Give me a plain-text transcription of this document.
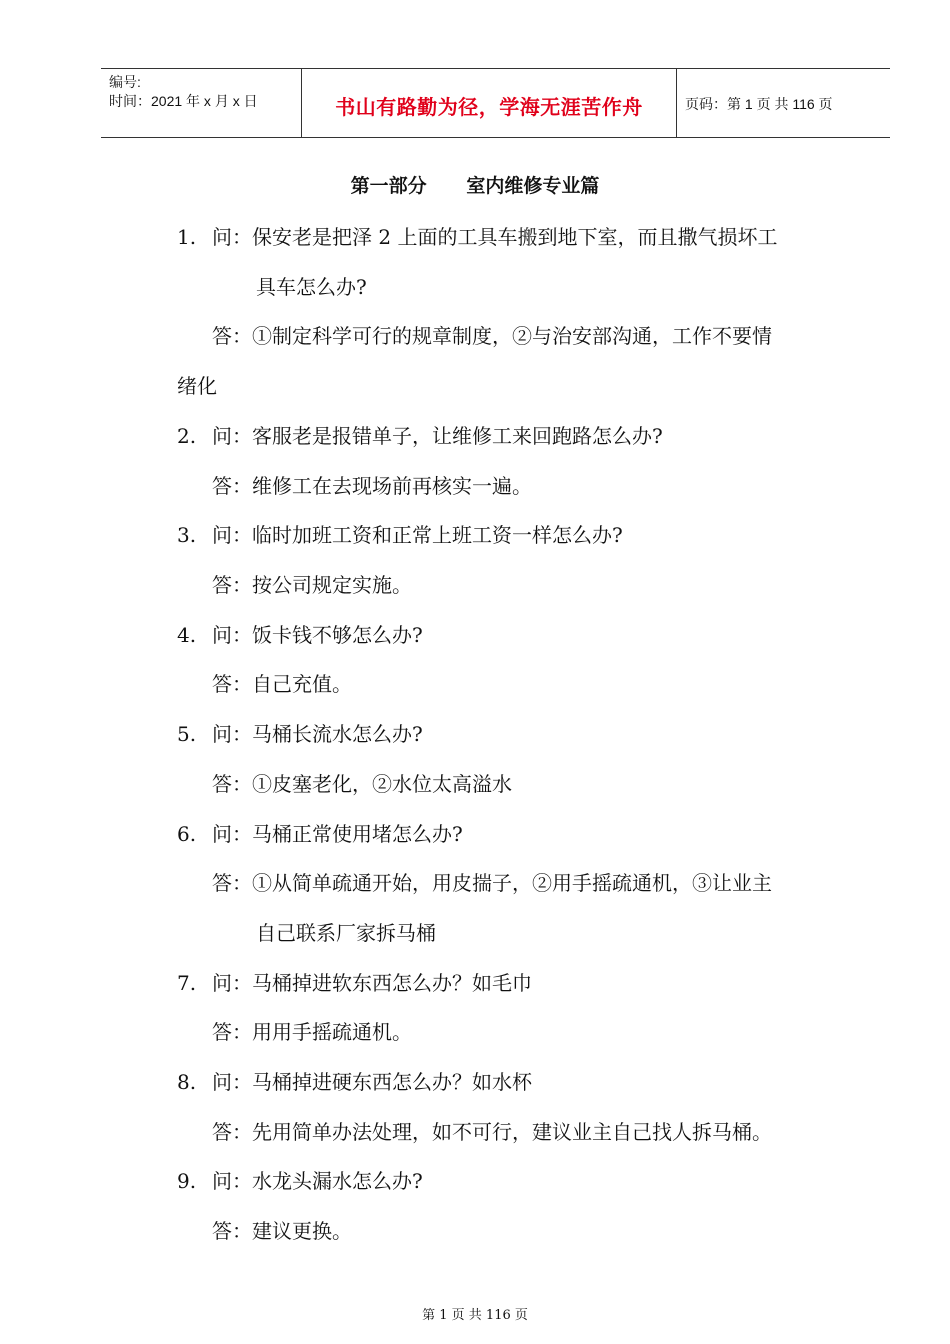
编号:
时间：2021 年 x 月 x 日	书山有路勤为径，学海无涯苦作舟	页码：第 1 页 共 116 页
第一部分      室内维修专业篇
1. 问：保安老是把泽 2 上面的工具车搬到地下室，而且撒气损坏工
具车怎么办?
答：①制定科学可行的规章制度，②与治安部沟通，工作不要情
绪化
2. 问：客服老是报错单子，让维修工来回跑路怎么办?
答：维修工在去现场前再核实一遍。
3. 问：临时加班工资和正常上班工资一样怎么办?
答：按公司规定实施。
4. 问：饭卡钱不够怎么办?
答：自己充值。
5. 问：马桶长流水怎么办?
答：①皮塞老化，②水位太高溢水
6. 问：马桶正常使用堵怎么办?
答：①从简单疏通开始，用皮揣子，②用手摇疏通机，③让业主
自己联系厂家拆马桶
7. 问：马桶掉进软东西怎么办？如毛巾
答：用用手摇疏通机。
8. 问：马桶掉进硬东西怎么办？如水杯
答：先用简单办法处理，如不可行，建议业主自己找人拆马桶。
9. 问：水龙头漏水怎么办?
答：建议更换。
第 1 页 共 116 页
